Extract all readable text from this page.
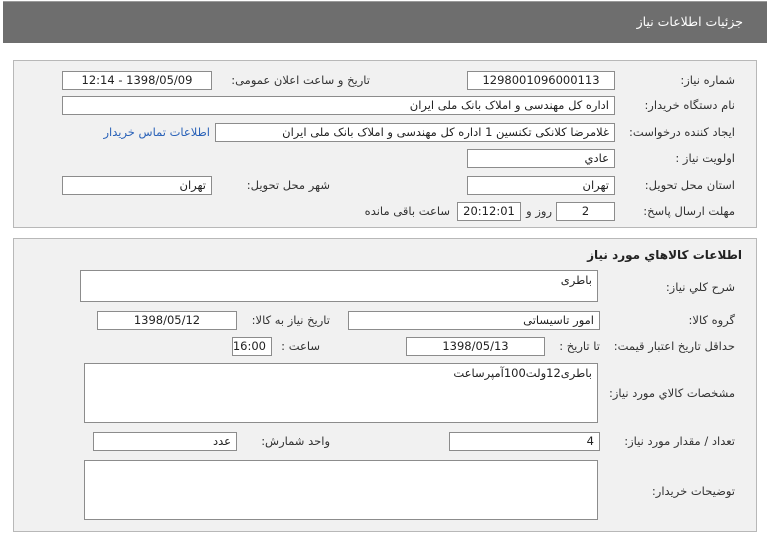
جزئیات اطلاعات نیاز
شماره نیاز:
1298001096000113
تاریخ و ساعت اعلان عمومی:
1398/05/09 - 12:14
نام دستگاه خریدار:
اداره کل مهندسی و املاک بانک ملی ایران
ایجاد کننده درخواست:
غلامرضا کلانکی تکنسین 1 اداره کل مهندسی و املاک بانک ملی ایران
اطلاعات تماس خریدار
اولویت نیاز :
عادي
استان محل تحویل:
تهران
شهر محل تحویل:
تهران
مهلت ارسال پاسخ:
2
روز و
20:12:01
ساعت باقی مانده
اطلاعات کالاهاي مورد نياز
شرح کلي نياز:
باطری
گروه کالا:
امور تاسیساتی
تاریخ نیاز به کالا:
1398/05/12
حداقل تاریخ اعتبار قیمت:
تا تاریخ :
1398/05/13
ساعت :
16:00
مشخصات کالاي مورد نياز:
باطری12ولت100آمپرساعت
تعداد / مقدار مورد نیاز:
4
واحد شمارش:
عدد
توضیحات خریدار:
